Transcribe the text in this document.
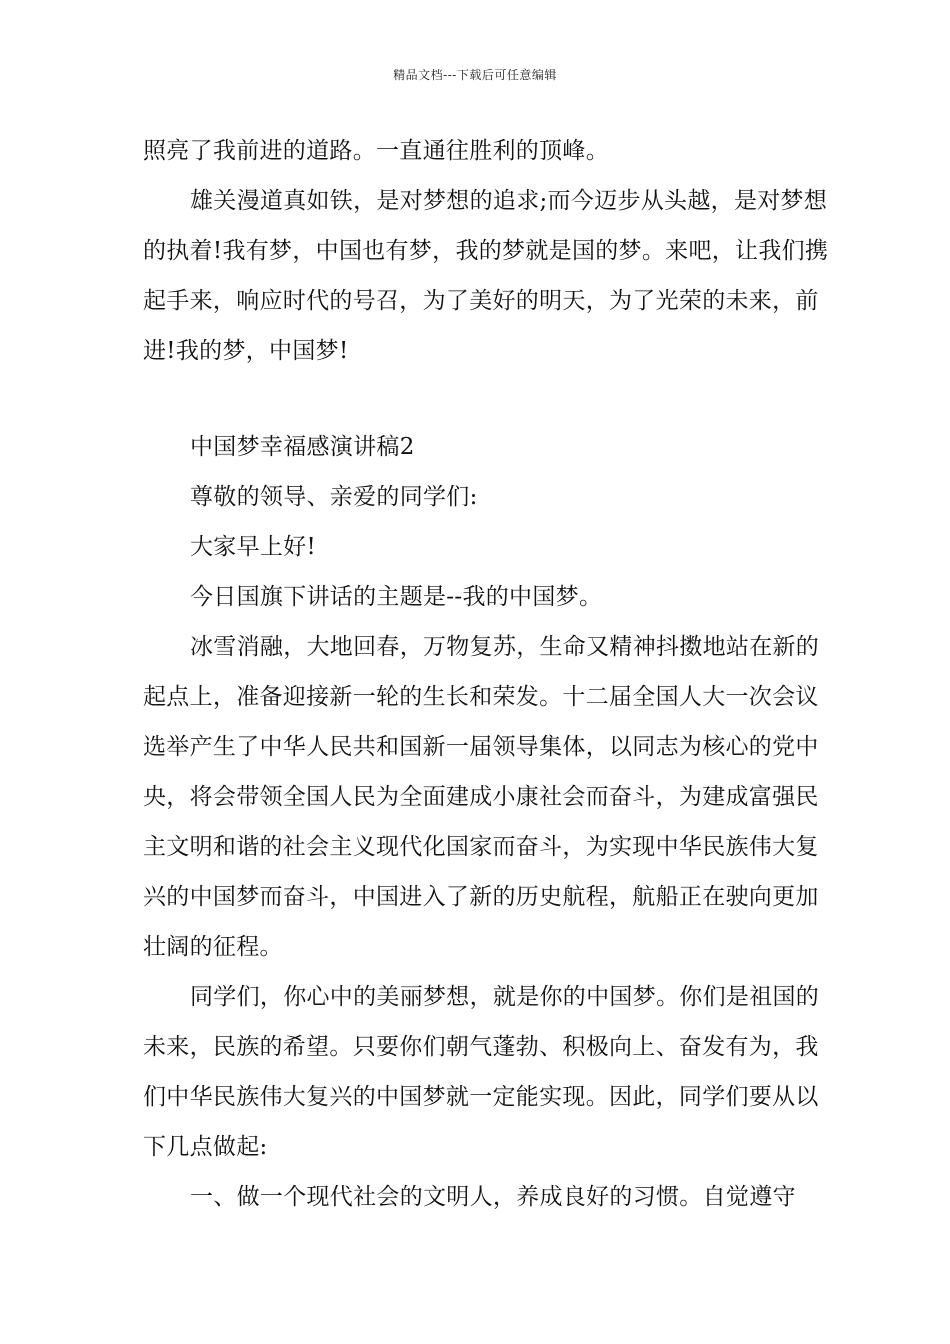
精品文档---下载后可任意编辑
照亮了我前进的道路。一直通往胜利的顶峰。
雄关漫道真如铁，是对梦想的追求;而今迈步从头越，是对梦想
的执着!我有梦，中国也有梦，我的梦就是国的梦。来吧，让我们携
起手来，响应时代的号召，为了美好的明天，为了光荣的未来，前
进!我的梦，中国梦!
中国梦幸福感演讲稿2
尊敬的领导、亲爱的同学们:
大家早上好!
今日国旗下讲话的主题是--我的中国梦。
冰雪消融，大地回春，万物复苏，生命又精神抖擞地站在新的
起点上，准备迎接新一轮的生长和荣发。十二届全国人大一次会议
选举产生了中华人民共和国新一届领导集体，以同志为核心的党中
央，将会带领全国人民为全面建成小康社会而奋斗，为建成富强民
主文明和谐的社会主义现代化国家而奋斗，为实现中华民族伟大复
兴的中国梦而奋斗，中国进入了新的历史航程，航船正在驶向更加
壮阔的征程。
同学们，你心中的美丽梦想，就是你的中国梦。你们是祖国的
未来，民族的希望。只要你们朝气蓬勃、积极向上、奋发有为，我
们中华民族伟大复兴的中国梦就一定能实现。因此，同学们要从以
下几点做起:
一、做一个现代社会的文明人，养成良好的习惯。自觉遵守
